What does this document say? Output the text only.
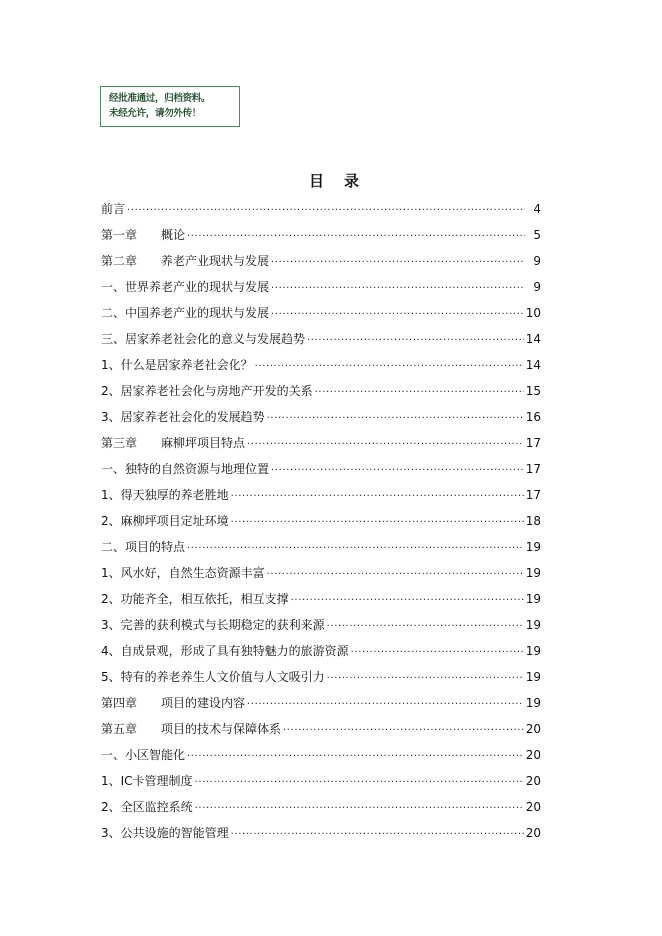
经批准通过，归档资料。
未经允许，请勿外传！
目录
前言 ·····	4
第一章　　概论 ·····	5
第二章　　养老产业现状与发展 ·····	9
一、世界养老产业的现状与发展 ·····	9
二、中国养老产业的现状与发展 ·····	10
三、居家养老社会化的意义与发展趋势 ·····	14
1、什么是居家养老社会化？ ·····	14
2、居家养老社会化与房地产开发的关系 ·····	15
3、居家养老社会化的发展趋势 ·····	16
第三章　　麻柳坪项目特点 ·····	17
一、独特的自然资源与地理位置 ·····	17
1、得天独厚的养老胜地 ·····	17
2、麻柳坪项目定址环境 ·····	18
二、项目的特点 ·····	19
1、风水好，自然生态资源丰富 ·····	19
2、功能齐全，相互依托，相互支撑 ·····	19
3、完善的获利模式与长期稳定的获利来源 ·····	19
4、自成景观，形成了具有独特魅力的旅游资源 ·····	19
5、特有的养老养生人文价值与人文吸引力 ·····	19
第四章　　项目的建设内容 ·····	19
第五章　　项目的技术与保障体系 ·····	20
一、小区智能化 ·····	20
1、IC卡管理制度 ·····	20
2、全区监控系统 ·····	20
3、公共设施的智能管理 ·····	20
